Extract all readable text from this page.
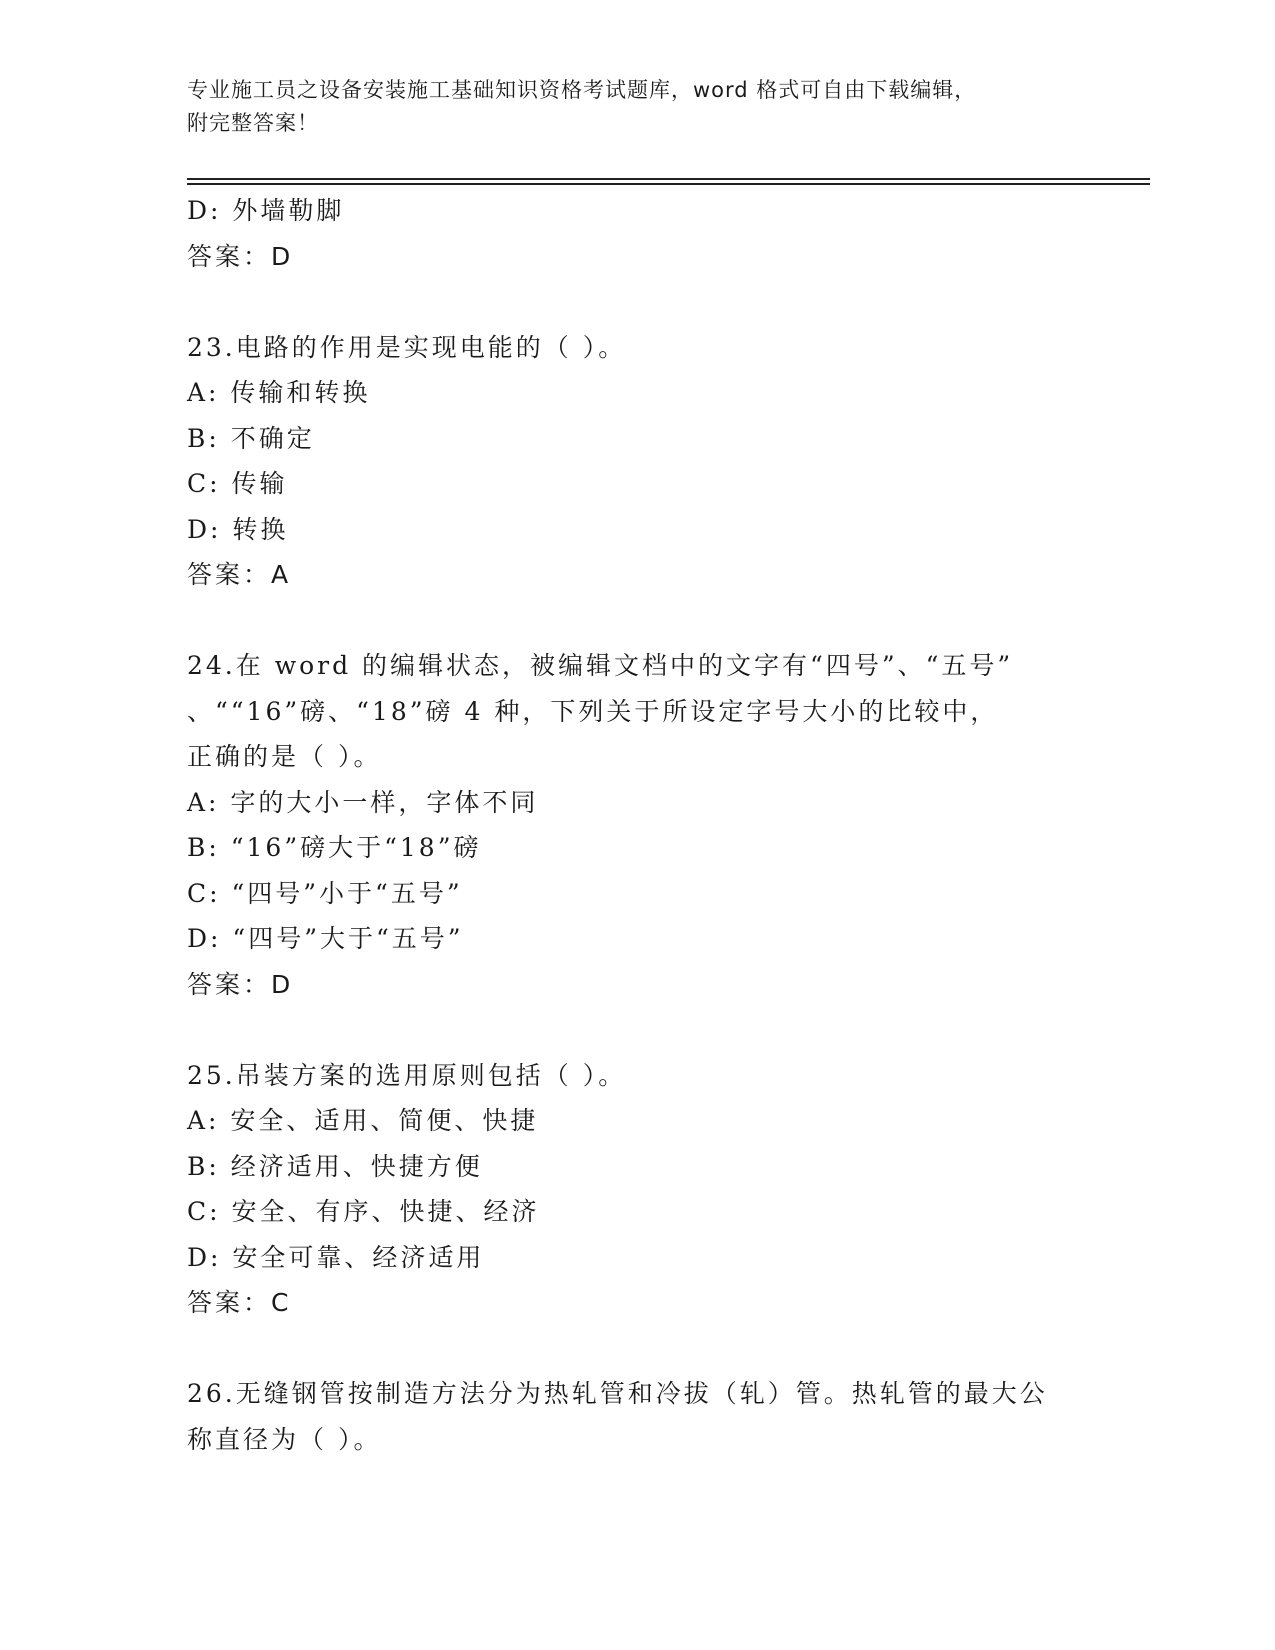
专业施工员之设备安装施工基础知识资格考试题库，word 格式可自由下载编辑，
附完整答案！
D: 外墙勒脚
答案：D
23.电路的作用是实现电能的（ ）。
A: 传输和转换
B: 不确定
C: 传输
D: 转换
答案：A
24.在 word 的编辑状态，被编辑文档中的文字有“四号”、“五号”
、““16”磅、“18”磅 4 种，下列关于所设定字号大小的比较中，
正确的是（ ）。
A: 字的大小一样，字体不同
B: “16”磅大于“18”磅
C: “四号”小于“五号”
D: “四号”大于“五号”
答案：D
25.吊装方案的选用原则包括（ ）。
A: 安全、适用、简便、快捷
B: 经济适用、快捷方便
C: 安全、有序、快捷、经济
D: 安全可靠、经济适用
答案：C
26.无缝钢管按制造方法分为热轧管和冷拔（轧）管。热轧管的最大公
称直径为（ ）。
